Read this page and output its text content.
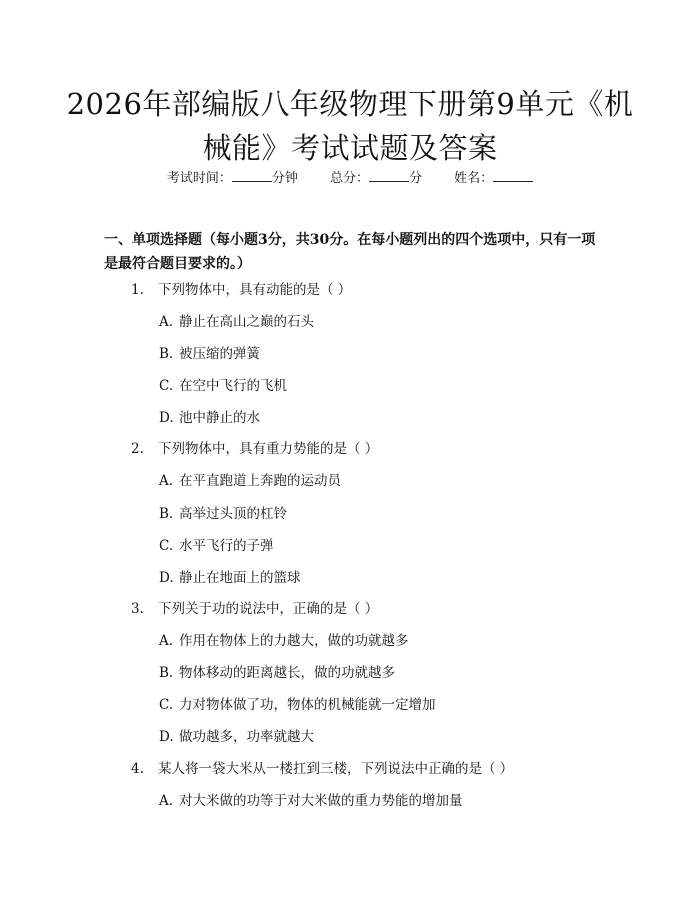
2026年部编版八年级物理下册第9单元《机械能》考试试题及答案
考试时间：	分钟 总分：	分 姓名：

一、单项选择题（每小题3分，共30分。在每小题列出的四个选项中，只有一项是最符合题目要求的。）

1. 下列物体中，具有动能的是（ ）
A. 静止在高山之巅的石头
B. 被压缩的弹簧
C. 在空中飞行的飞机
D. 池中静止的水
2. 下列物体中，具有重力势能的是（ ）
A. 在平直跑道上奔跑的运动员
B. 高举过头顶的杠铃
C. 水平飞行的子弹
D. 静止在地面上的篮球
3. 下列关于功的说法中，正确的是（ ）
A. 作用在物体上的力越大，做的功就越多
B. 物体移动的距离越长，做的功就越多
C. 力对物体做了功，物体的机械能就一定增加
D. 做功越多，功率就越大
4. 某人将一袋大米从一楼扛到三楼，下列说法中正确的是（ ）
A. 对大米做的功等于对大米做的重力势能的增加量
